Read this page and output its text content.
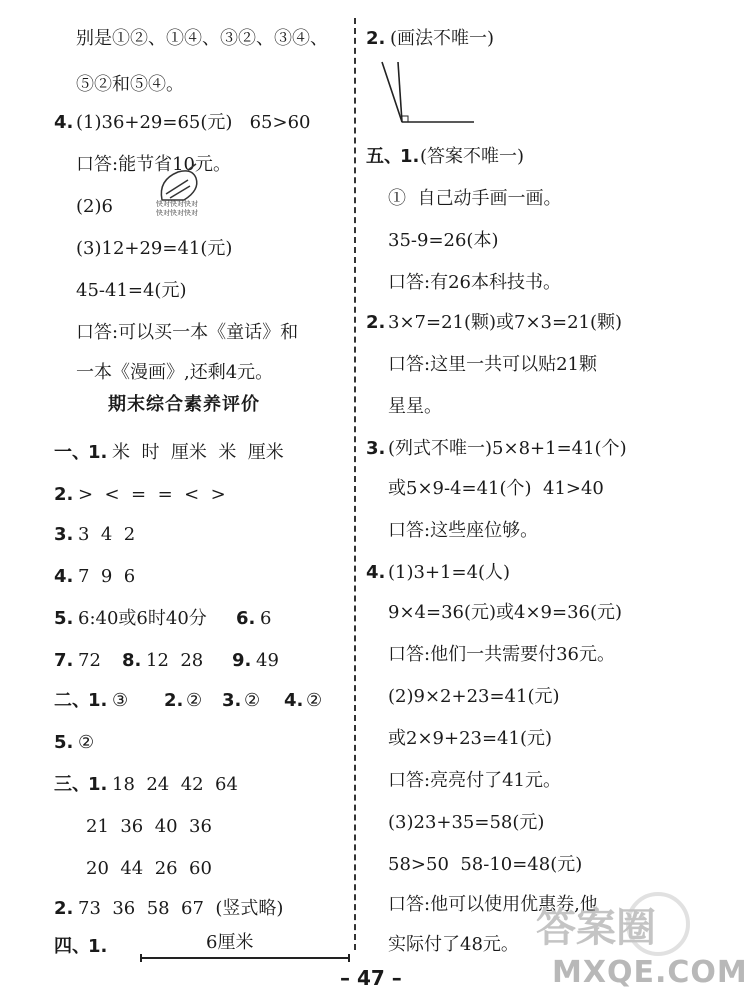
别是①②、①④、③②、③④、
⑤②和⑤④。
4. (1)36+29=65(元)   65>60
口答:能节省10元。
(2)6	快对快对快对
快对快对快对
(3)12+29=41(元)
45-41=4(元)
口答:可以买一本《童话》和
一本《漫画》,还剩4元。
期末综合素养评价
一、
1. 米  时  厘米  米  厘米
2. >  <  =  =  <  >
3. 3  4  2
4. 7  9  6
5. 6:40或6时40分 6. 6
7. 72 8. 12  28 9. 49
二、
1. ③ 2. ② 3. ② 4. ②
5. ②
三、
1. 18  24  42  64
21  36  40  36
20  44  26  60
2. 73  36  58  67  (竖式略)
四、
1.	6厘米
2. (画法不唯一)
五、
1. (答案不唯一)
①  自己动手画一画。
35-9=26(本)
口答:有26本科技书。
2. 3×7=21(颗)或7×3=21(颗)
口答:这里一共可以贴21颗
星星。
3. (列式不唯一)5×8+1=41(个)
或5×9-4=41(个)  41>40
口答:这些座位够。
4. (1)3+1=4(人)
9×4=36(元)或4×9=36(元)
口答:他们一共需要付36元。
(2)9×2+23=41(元)
或2×9+23=41(元)
口答:亮亮付了41元。
(3)23+35=58(元)
58>50  58-10=48(元)
口答:他可以使用优惠券,他
实际付了48元。
– 47 –
答案圈
MXQE.COM
